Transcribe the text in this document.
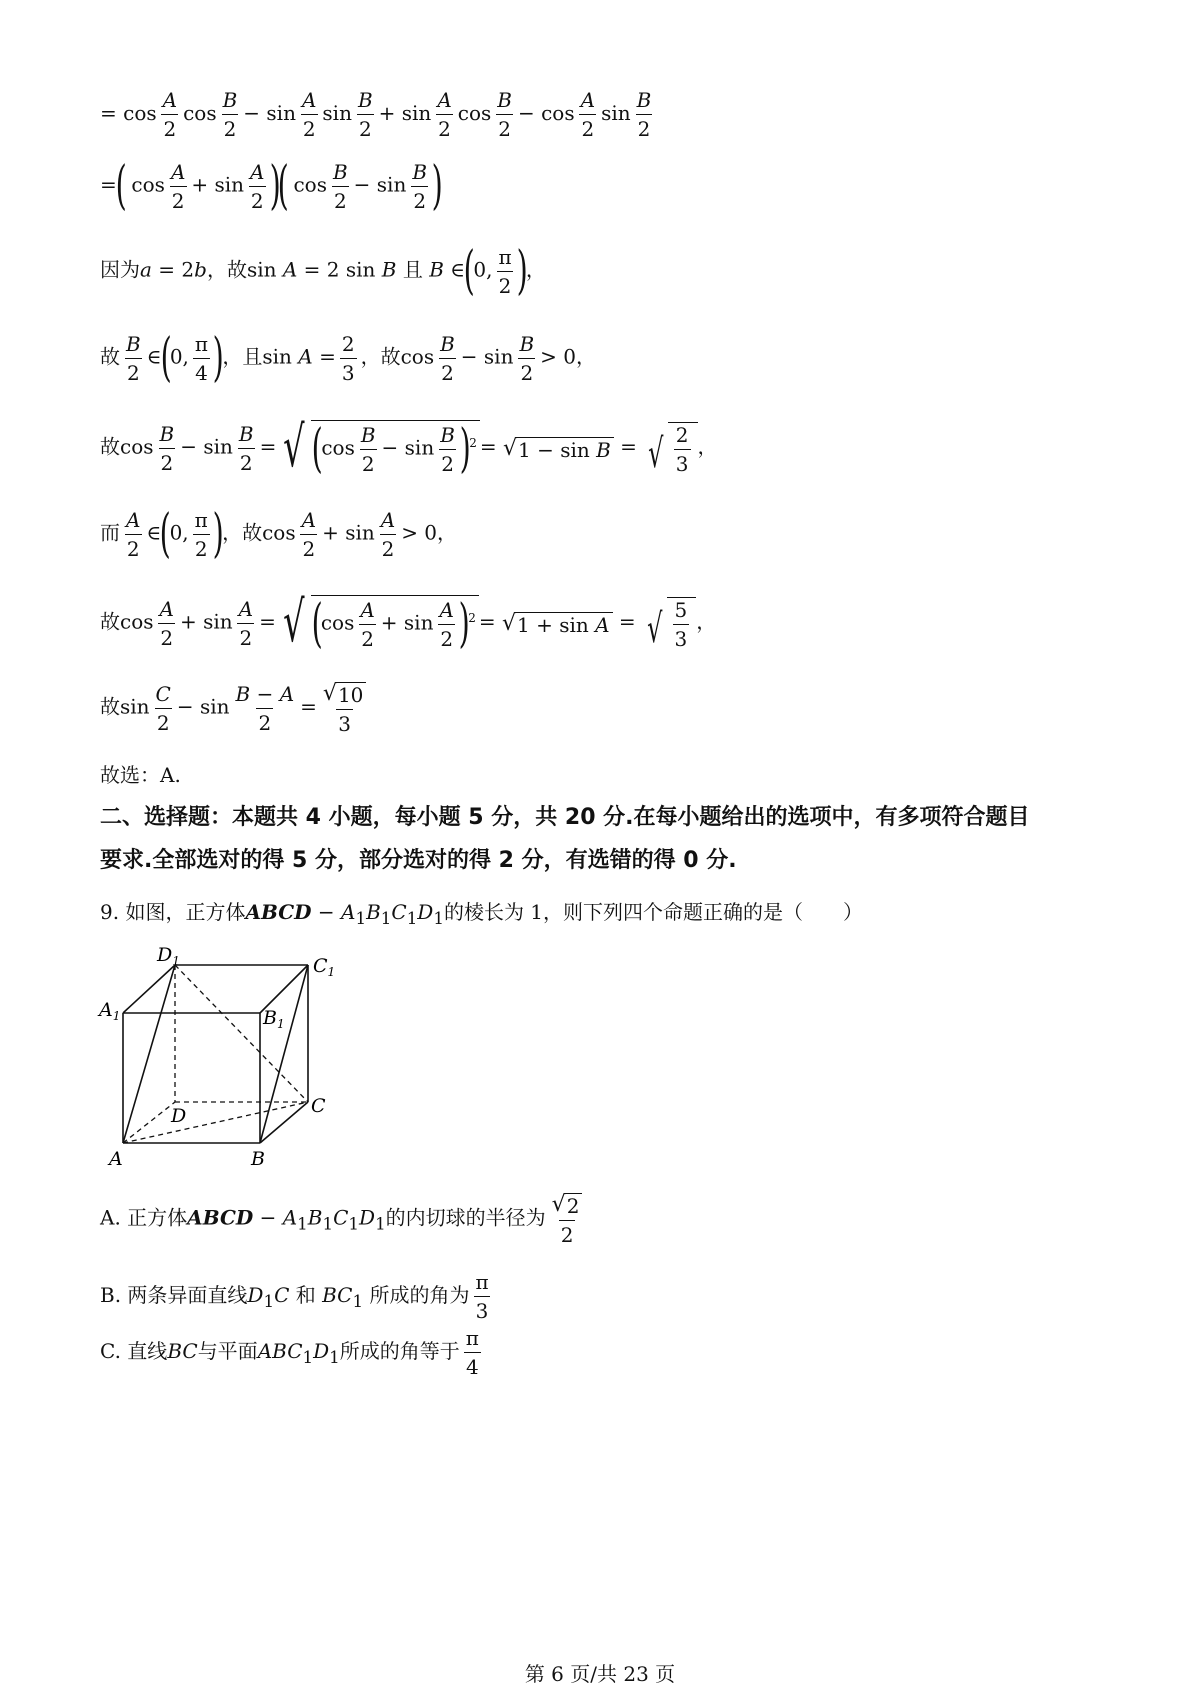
= $\cos \frac{A}{2}$ $\cos \frac{B}{2} - \sin \frac{A}{2}$ $\sin \frac{B}{2} + \sin \frac{A}{2}$ $\cos \frac{B}{2} - \cos \frac{A}{2}$ $\sin \frac{B}{2}$
=( $\cos \frac{A}{2} + \sin \frac{A}{2}$ )( $\cos \frac{B}{2} - \sin \frac{B}{2}$ )
因为a = 2b，故sin A = 2 sin B 且 B ∈(0, $\frac{\pi}{2}$ )，
故 $\frac{B}{2}$ ∈(0, $\frac{\pi}{4}$ )，且$\sin A = \frac{2}{3}$ ，故$\cos \frac{B}{2} - \sin \frac{B}{2} > 0$，
故$\cos \frac{B}{2} - \sin \frac{B}{2}$ = √ $(\cos \frac{B}{2} - \sin \frac{B}{2} )^2$ = √ 1 − sin B = √ $\frac{2}{3}$ ，
而 $\frac{A}{2}$ ∈(0, $\frac{\pi}{2}$ )，故$\cos \frac{A}{2} + \sin \frac{A}{2} > 0$，
故$\cos \frac{A}{2} + \sin \frac{A}{2}$ = √ $(\cos \frac{A}{2} + \sin \frac{A}{2} )^2$ = √ 1 + sin A = √ $\frac{5}{3}$ ，
故$\sin \frac{C}{2} - \sin \frac{B - A}{2} = \frac{√ 10}{3}$
故选：A.
二、选择题：本题共 4 小题，每小题 5 分，共 20 分.在每小题给出的选项中，有多项符合题目
要求.全部选对的得 5 分，部分选对的得 2 分，有选错的得 0 分.
9. 如图，正方体ABCD − $A_1B_1C_1D_1$的棱长为 1，则下列四个命题正确的是（　　）
$D_1$	$C_1$
$A_1$	$B_1$
D	C
A	B
A. 正方体ABCD − $A_1B_1C_1D_1$的内切球的半径为 $\frac{√ 2}{2}$
B. 两条异面直线$D_1C$ 和 $BC_1$ 所成的角为 $\frac{\pi}{3}$
C. 直线BC与平面$ABC_1D_1$所成的角等于 $\frac{\pi}{4}$
第 6 页/共 23 页
